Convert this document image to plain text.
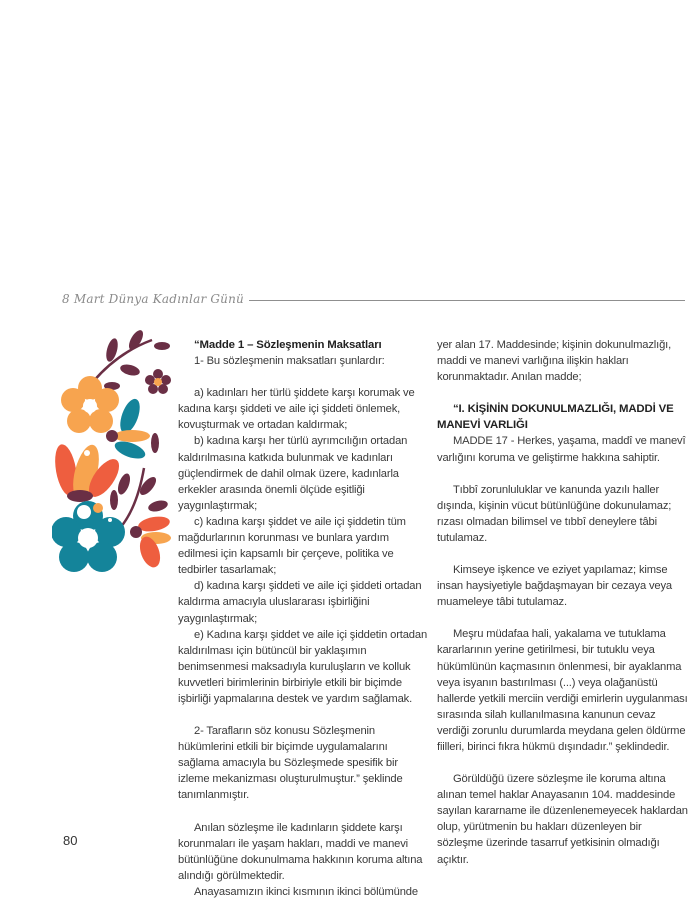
8 Mart Dünya Kadınlar Günü

“Madde 1 – Sözleşmenin Maksatları

1- Bu sözleşmenin maksatları şunlardır:

a) kadınları her türlü şiddete karşı korumak ve kadına karşı şiddeti ve aile içi şiddeti önlemek, kovuşturmak ve ortadan kaldırmak;

b) kadına karşı her türlü ayrımcılığın ortadan kaldırılmasına katkıda bulunmak ve kadınları güçlendirmek de dahil olmak üzere, kadınlarla erkekler arasında önemli ölçüde eşitliği yaygınlaştırmak;

c) kadına karşı şiddet ve aile içi şiddetin tüm mağdurlarının korunması ve bunlara yardım edilmesi için kapsamlı bir çerçeve, politika ve tedbirler tasarlamak;

d) kadına karşı şiddeti ve aile içi şiddeti ortadan kaldırma amacıyla uluslararası işbirliğini yaygınlaştırmak;

e) Kadına karşı şiddet ve aile içi şiddetin ortadan kaldırılması için bütüncül bir yaklaşımın benimsenmesi maksadıyla kuruluşların ve kolluk kuvvetleri birimlerinin birbiriyle etkili bir biçimde işbirliği yapmalarına destek ve yardım sağlamak.

2- Tarafların söz konusu Sözleşmenin hükümlerini etkili bir biçimde uygulamalarını sağlama amacıyla bu Sözleşmede spesifik bir izleme mekanizması oluşturulmuştur.” şeklinde tanımlanmıştır.

Anılan sözleşme ile kadınların şiddete karşı korunmaları ile yaşam hakları, maddi ve manevi bütünlüğüne dokunulmama hakkının koruma altına alındığı görülmektedir.

Anayasamızın ikinci kısmının ikinci bölümünde

yer alan 17. Maddesinde; kişinin dokunulmazlığı, maddi ve manevi varlığına ilişkin hakları korunmaktadır. Anılan madde;

“I. KİŞİNİN DOKUNULMAZLIĞI, MADDİ VE MANEVİ VARLIĞI

MADDE 17 - Herkes, yaşama, maddî ve manevî varlığını koruma ve geliştirme hakkına sahiptir.

Tıbbî zorunluluklar ve kanunda yazılı haller dışında, kişinin vücut bütünlüğüne dokunulamaz; rızası olmadan bilimsel ve tıbbî deneylere tâbi tutulamaz.

Kimseye işkence ve eziyet yapılamaz; kimse insan haysiyetiyle bağdaşmayan bir cezaya veya muameleye tâbi tutulamaz.

Meşru müdafaa hali, yakalama ve tutuklama kararlarının yerine getirilmesi, bir tutuklu veya hükümlünün kaçmasının önlenmesi, bir ayaklanma veya isyanın bastırılması (...) veya olağanüstü hallerde yetkili merciin verdiği emirlerin uygulanması sırasında silah kullanılmasına kanunun cevaz verdiği zorunlu durumlarda meydana gelen öldürme fiilleri, birinci fıkra hükmü dışındadır.” şeklindedir.

Görüldüğü üzere sözleşme ile koruma altına alınan temel haklar Anayasanın 104. maddesinde sayılan kararname ile düzenlenemeyecek haklardan olup, yürütmenin bu hakları düzenleyen bir sözleşme üzerinde tasarruf yetkisinin olmadığı açıktır.

80
